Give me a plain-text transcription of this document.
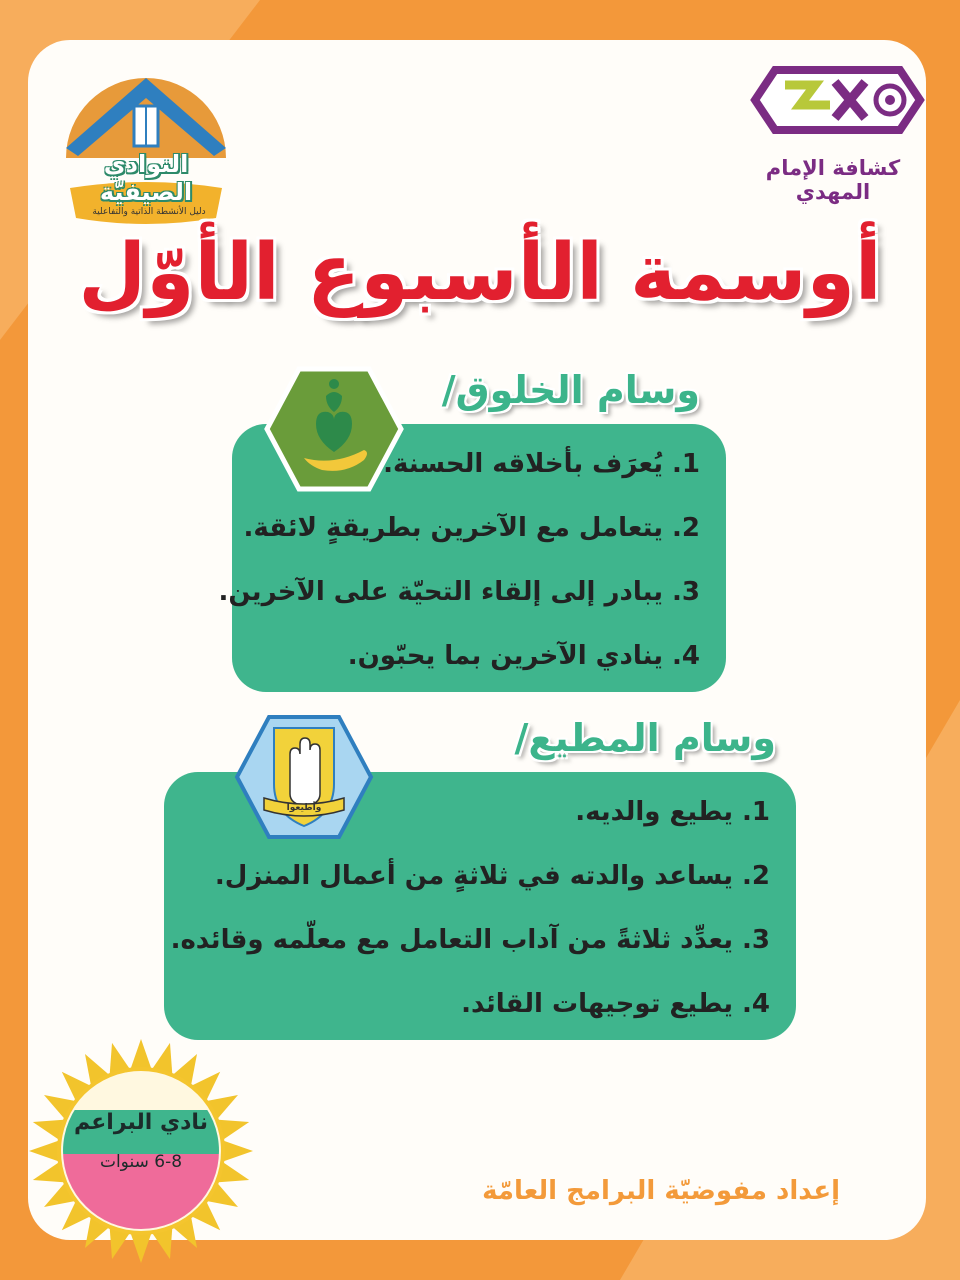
كشافة الإمام المهدي
النوادي الصيفيّة
دليل الأنشطة الذاتية والتفاعلية
أوسمة الأسبوع الأوّل
وسام الخلوق/
1. يُعرَف بأخلاقه الحسنة.
2. يتعامل مع الآخرين بطريقةٍ لائقة.
3. يبادر إلى إلقاء التحيّة على الآخرين.
4. ينادي الآخرين بما يحبّون.
وسام المطيع/
وأطيعوا	1. يطيع والديه.
2. يساعد والدته في ثلاثةٍ من أعمال المنزل.
3. يعدِّد ثلاثةً من آداب التعامل مع معلّمه وقائده.
4. يطيع توجيهات القائد.
نادي البراعم
6-8 سنوات
إعداد مفوضيّة البرامج العامّة
